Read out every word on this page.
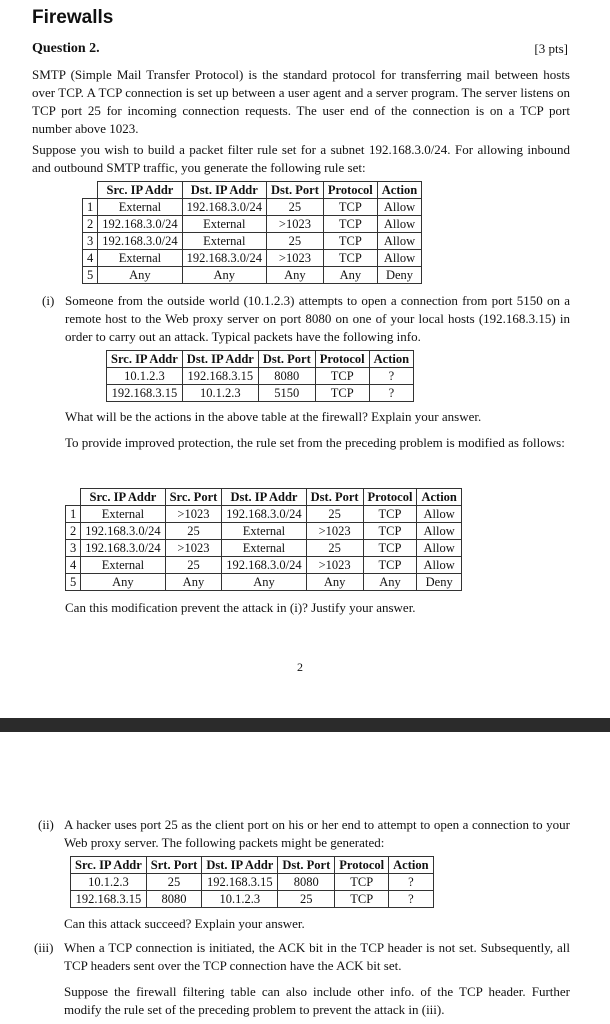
Firewalls
Question 2.	[3 pts]

SMTP (Simple Mail Transfer Protocol) is the standard protocol for transferring mail between hosts over TCP. A TCP connection is set up between a user agent and a server program. The server listens on TCP port 25 for incoming connection requests. The user end of the connection is on a TCP port number above 1023.

Suppose you wish to build a packet filter rule set for a subnet 192.168.3.0/24. For allowing inbound and outbound SMTP traffic, you generate the following rule set:

	Src. IP Addr	Dst. IP Addr	Dst. Port	Protocol	Action
1	External	192.168.3.0/24	25	TCP	Allow
2	192.168.3.0/24	External	>1023	TCP	Allow
3	192.168.3.0/24	External	25	TCP	Allow
4	External	192.168.3.0/24	>1023	TCP	Allow
5	Any	Any	Any	Any	Deny
(i) Someone from the outside world (10.1.2.3) attempts to open a connection from port 5150 on a remote host to the Web proxy server on port 8080 on one of your local hosts (192.168.3.15) in order to carry out an attack. Typical packets have the following info.

Src. IP Addr	Dst. IP Addr	Dst. Port	Protocol	Action
10.1.2.3	192.168.3.15	8080	TCP	?
192.168.3.15	10.1.2.3	5150	TCP	?

What will be the actions in the above table at the firewall? Explain your answer.

To provide improved protection, the rule set from the preceding problem is modified as follows:

	Src. IP Addr	Src. Port	Dst. IP Addr	Dst. Port	Protocol	Action
1	External	>1023	192.168.3.0/24	25	TCP	Allow
2	192.168.3.0/24	25	External	>1023	TCP	Allow
3	192.168.3.0/24	>1023	External	25	TCP	Allow
4	External	25	192.168.3.0/24	>1023	TCP	Allow
5	Any	Any	Any	Any	Any	Deny

Can this modification prevent the attack in (i)? Justify your answer.

2
(ii) A hacker uses port 25 as the client port on his or her end to attempt to open a connection to your Web proxy server. The following packets might be generated:

Src. IP Addr	Srt. Port	Dst. IP Addr	Dst. Port	Protocol	Action
10.1.2.3	25	192.168.3.15	8080	TCP	?
192.168.3.15	8080	10.1.2.3	25	TCP	?

Can this attack succeed? Explain your answer.

(iii) When a TCP connection is initiated, the ACK bit in the TCP header is not set. Subsequently, all TCP headers sent over the TCP connection have the ACK bit set.

Suppose the firewall filtering table can also include other info. of the TCP header. Further modify the rule set of the preceding problem to prevent the attack in (iii).
